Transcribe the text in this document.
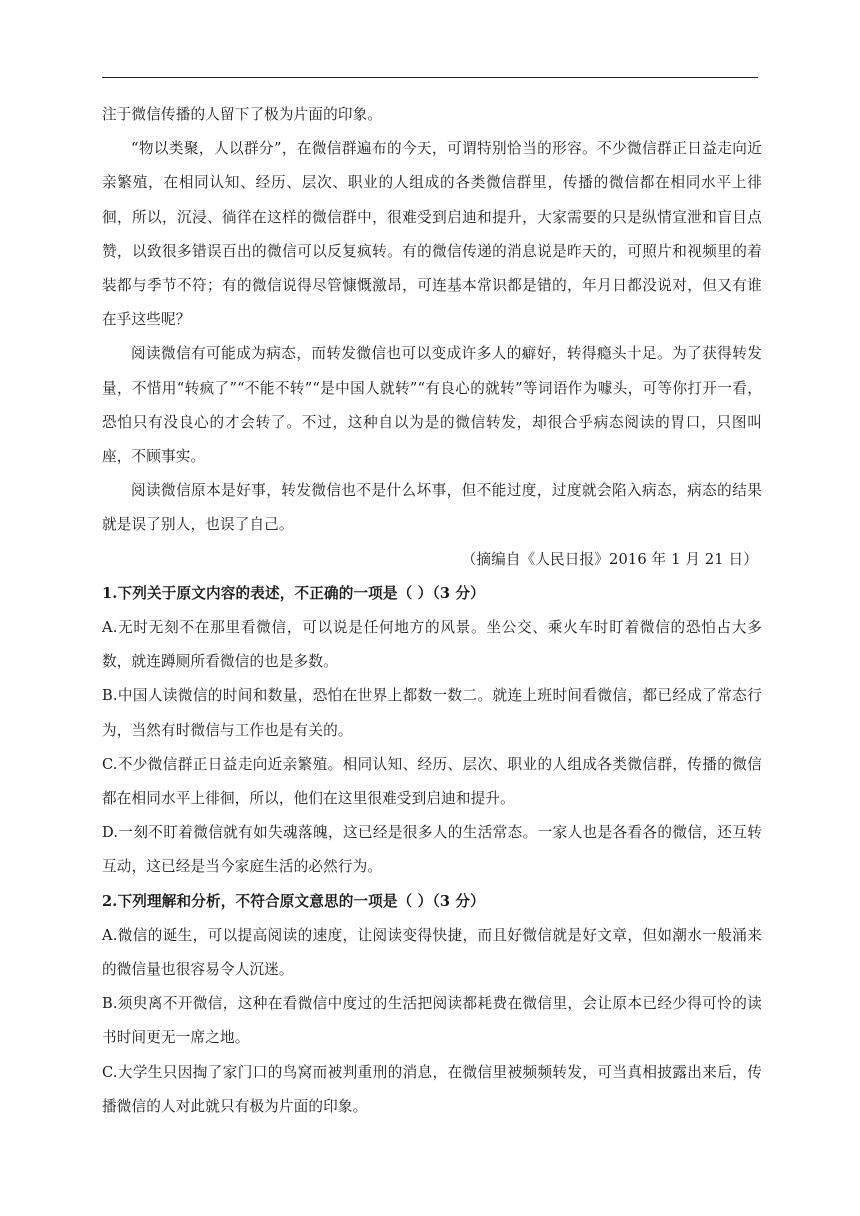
注于微信传播的人留下了极为片面的印象。

“物以类聚，人以群分”，在微信群遍布的今天，可谓特别恰当的形容。不少微信群正日益走向近亲繁殖，在相同认知、经历、层次、职业的人组成的各类微信群里，传播的微信都在相同水平上徘徊，所以，沉浸、徜徉在这样的微信群中，很难受到启迪和提升，大家需要的只是纵情宣泄和盲目点赞，以致很多错误百出的微信可以反复疯转。有的微信传递的消息说是昨天的，可照片和视频里的着装都与季节不符；有的微信说得尽管慷慨激昂，可连基本常识都是错的，年月日都没说对，但又有谁在乎这些呢？

阅读微信有可能成为病态，而转发微信也可以变成许多人的癖好，转得瘾头十足。为了获得转发量，不惜用“转疯了”“不能不转”“是中国人就转”“有良心的就转”等词语作为噱头，可等你打开一看，恐怕只有没良心的才会转了。不过，这种自以为是的微信转发，却很合乎病态阅读的胃口，只图叫座，不顾事实。

阅读微信原本是好事，转发微信也不是什么坏事，但不能过度，过度就会陷入病态，病态的结果就是误了别人，也误了自己。

（摘编自《人民日报》2016 年 1 月 21 日）

1.下列关于原文内容的表述，不正确的一项是（ ）（3 分）

A.无时无刻不在那里看微信，可以说是任何地方的风景。坐公交、乘火车时盯着微信的恐怕占大多数，就连蹲厕所看微信的也是多数。

B.中国人读微信的时间和数量，恐怕在世界上都数一数二。就连上班时间看微信，都已经成了常态行为，当然有时微信与工作也是有关的。

C.不少微信群正日益走向近亲繁殖。相同认知、经历、层次、职业的人组成各类微信群，传播的微信都在相同水平上徘徊，所以，他们在这里很难受到启迪和提升。

D.一刻不盯着微信就有如失魂落魄，这已经是很多人的生活常态。一家人也是各看各的微信，还互转互动，这已经是当今家庭生活的必然行为。

2.下列理解和分析，不符合原文意思的一项是（ ）（3 分）

A.微信的诞生，可以提高阅读的速度，让阅读变得快捷，而且好微信就是好文章，但如潮水一般涌来的微信量也很容易令人沉迷。

B.须臾离不开微信，这种在看微信中度过的生活把阅读都耗费在微信里，会让原本已经少得可怜的读书时间更无一席之地。

C.大学生只因掏了家门口的鸟窝而被判重刑的消息，在微信里被频频转发，可当真相披露出来后，传播微信的人对此就只有极为片面的印象。
